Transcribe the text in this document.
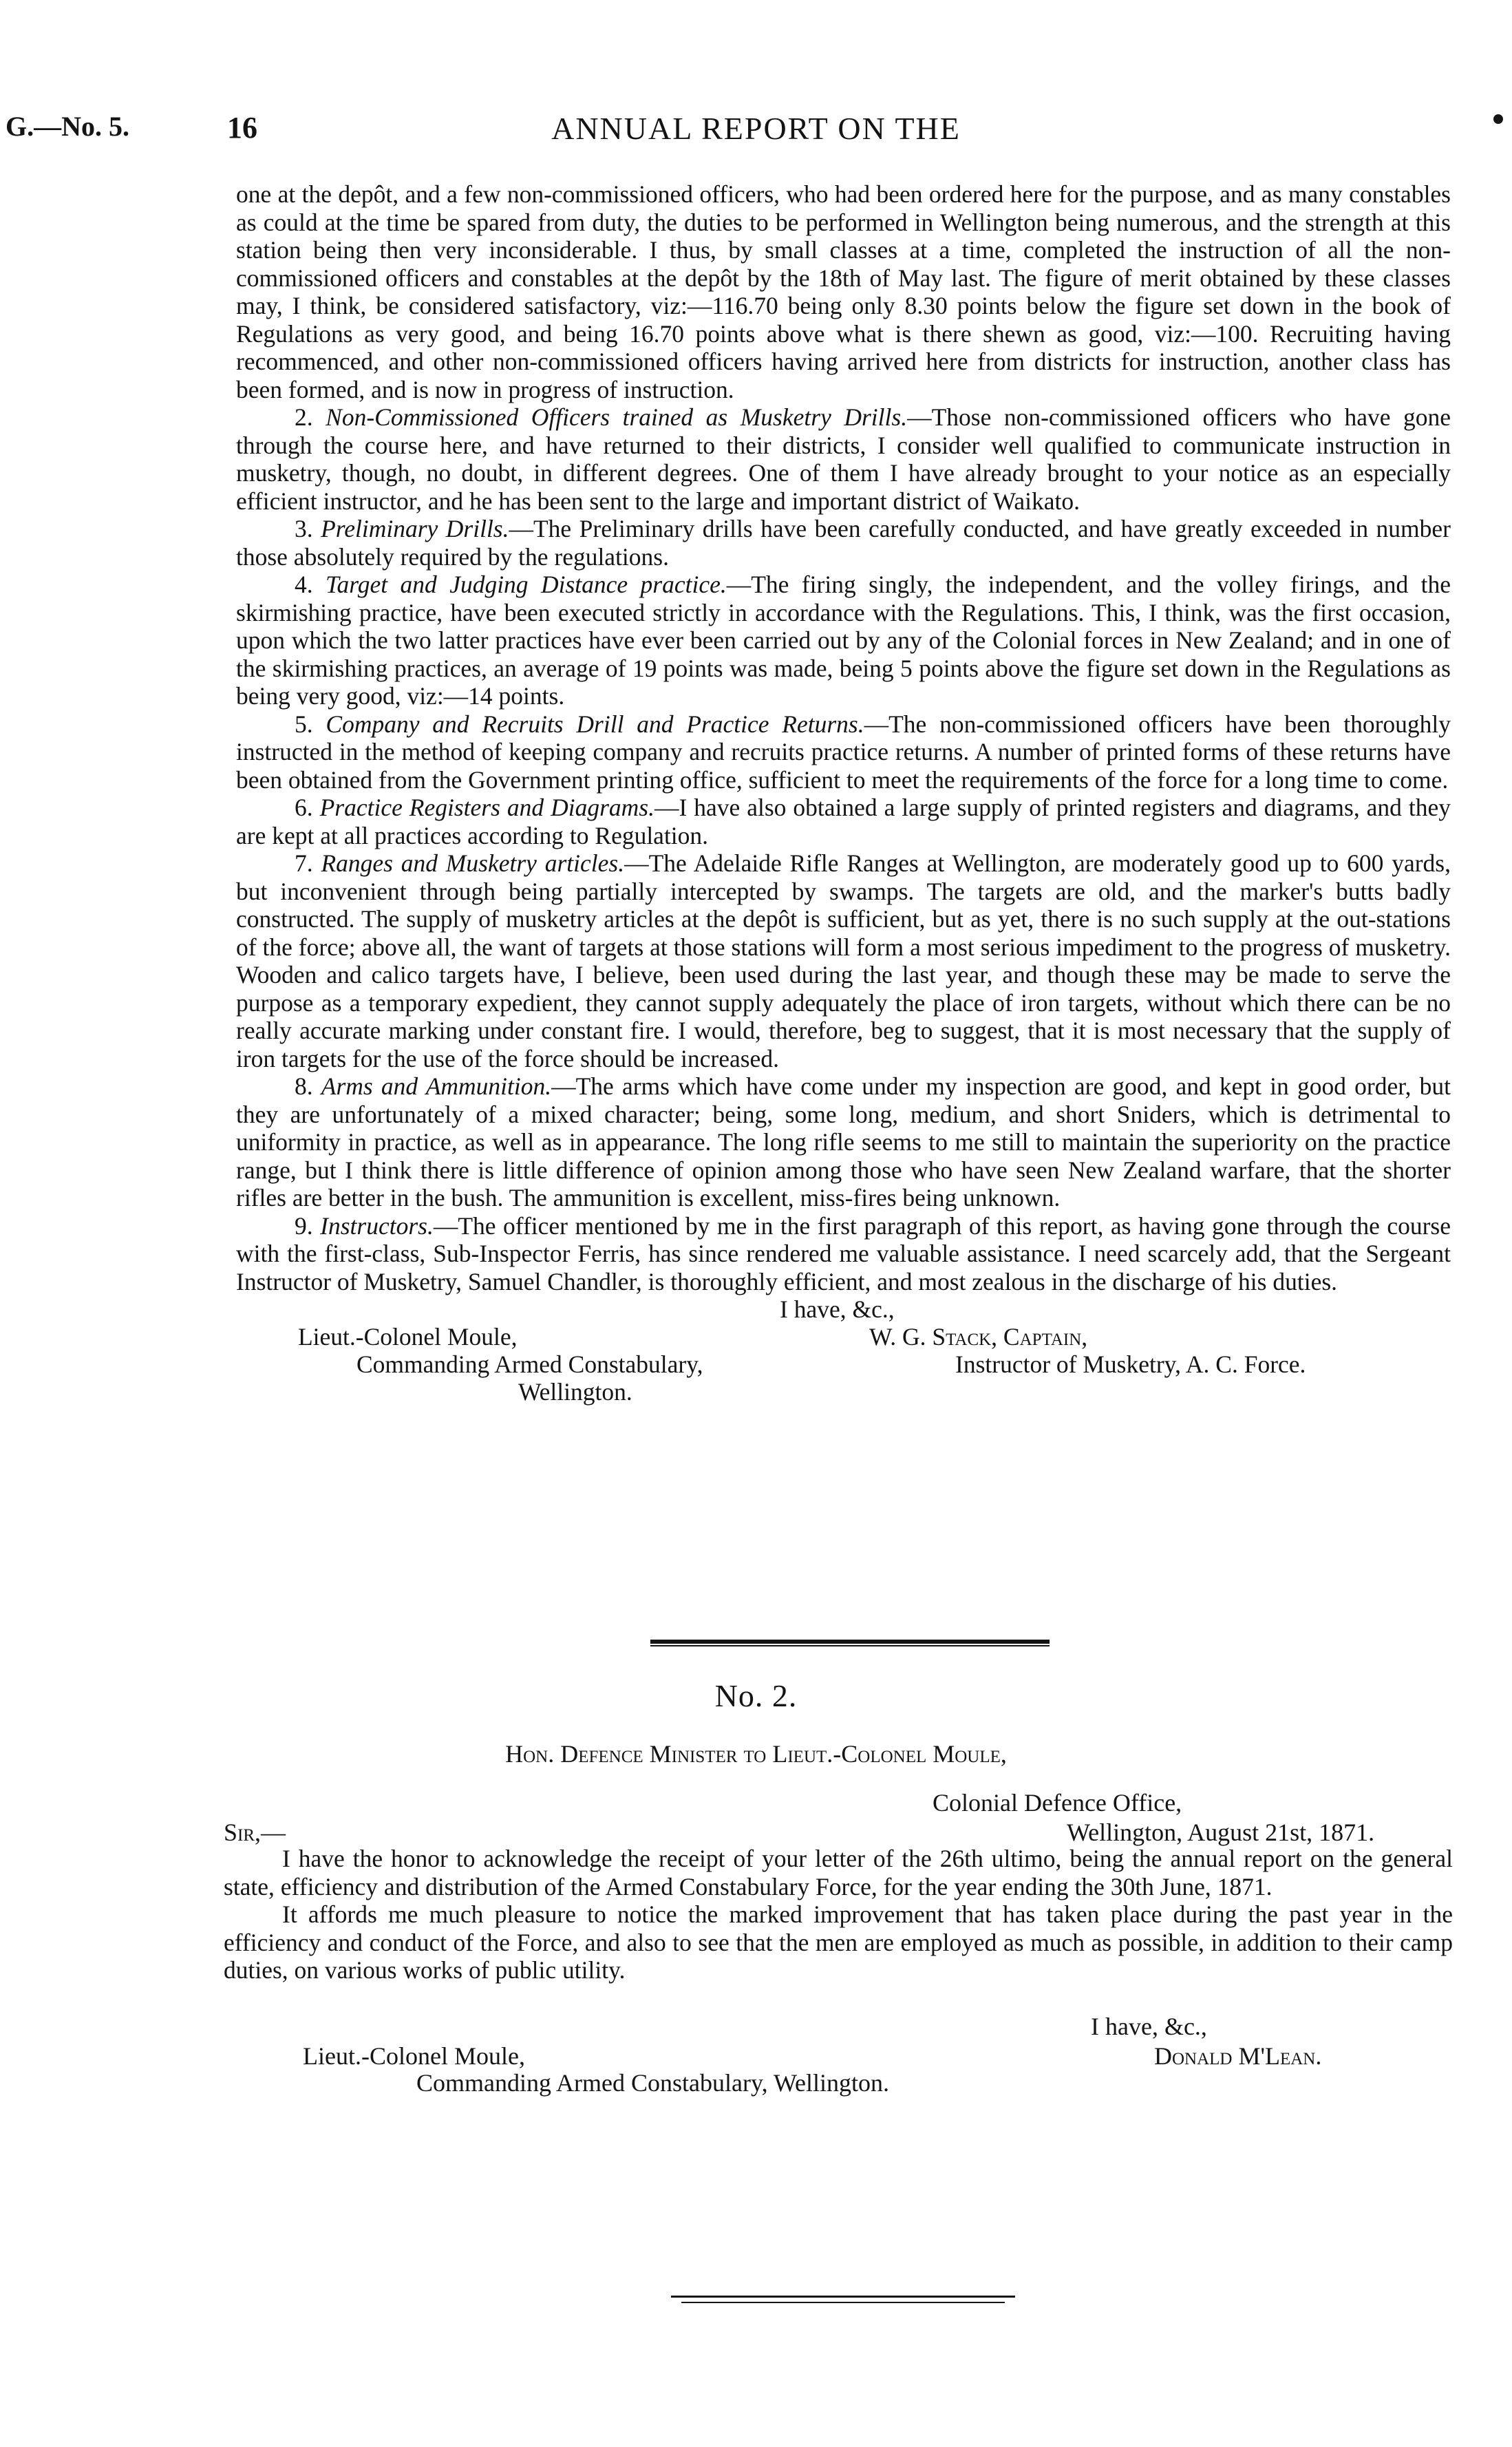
G.—No. 5.	16	ANNUAL REPORT ON THE

one at the depôt, and a few non-commissioned officers, who had been ordered here for the purpose, and as many constables as could at the time be spared from duty, the duties to be performed in Wellington being numerous, and the strength at this station being then very inconsiderable. I thus, by small classes at a time, completed the instruction of all the non-commissioned officers and constables at the depôt by the 18th of May last. The figure of merit obtained by these classes may, I think, be considered satisfactory, viz:—116.70 being only 8.30 points below the figure set down in the book of Regulations as very good, and being 16.70 points above what is there shewn as good, viz:—100. Recruiting having recommenced, and other non-commissioned officers having arrived here from districts for instruction, another class has been formed, and is now in progress of instruction.

2. Non-Commissioned Officers trained as Musketry Drills.—Those non-commissioned officers who have gone through the course here, and have returned to their districts, I consider well qualified to communicate instruction in musketry, though, no doubt, in different degrees. One of them I have already brought to your notice as an especially efficient instructor, and he has been sent to the large and important district of Waikato.

3. Preliminary Drills.—The Preliminary drills have been carefully conducted, and have greatly exceeded in number those absolutely required by the regulations.

4. Target and Judging Distance practice.—The firing singly, the independent, and the volley firings, and the skirmishing practice, have been executed strictly in accordance with the Regulations. This, I think, was the first occasion, upon which the two latter practices have ever been carried out by any of the Colonial forces in New Zealand; and in one of the skirmishing practices, an average of 19 points was made, being 5 points above the figure set down in the Regulations as being very good, viz:—14 points.

5. Company and Recruits Drill and Practice Returns.—The non-commissioned officers have been thoroughly instructed in the method of keeping company and recruits practice returns. A number of printed forms of these returns have been obtained from the Government printing office, sufficient to meet the requirements of the force for a long time to come.

6. Practice Registers and Diagrams.—I have also obtained a large supply of printed registers and diagrams, and they are kept at all practices according to Regulation.

7. Ranges and Musketry articles.—The Adelaide Rifle Ranges at Wellington, are moderately good up to 600 yards, but inconvenient through being partially intercepted by swamps. The targets are old, and the marker's butts badly constructed. The supply of musketry articles at the depôt is sufficient, but as yet, there is no such supply at the out-stations of the force; above all, the want of targets at those stations will form a most serious impediment to the progress of musketry. Wooden and calico targets have, I believe, been used during the last year, and though these may be made to serve the purpose as a temporary expedient, they cannot supply adequately the place of iron targets, without which there can be no really accurate marking under constant fire. I would, therefore, beg to suggest, that it is most necessary that the supply of iron targets for the use of the force should be increased.

8. Arms and Ammunition.—The arms which have come under my inspection are good, and kept in good order, but they are unfortunately of a mixed character; being, some long, medium, and short Sniders, which is detrimental to uniformity in practice, as well as in appearance. The long rifle seems to me still to maintain the superiority on the practice range, but I think there is little difference of opinion among those who have seen New Zealand warfare, that the shorter rifles are better in the bush. The ammunition is excellent, miss-fires being unknown.

9. Instructors.—The officer mentioned by me in the first paragraph of this report, as having gone through the course with the first-class, Sub-Inspector Ferris, has since rendered me valuable assistance. I need scarcely add, that the Sergeant Instructor of Musketry, Samuel Chandler, is thoroughly efficient, and most zealous in the discharge of his duties.

I have, &c.,
Lieut.-Colonel Moule,
Commanding Armed Constabulary,
Wellington.
W. G. Stack, Captain,
Instructor of Musketry, A. C. Force.
No. 2.
Hon. Defence Minister to Lieut.-Colonel Moule,
Colonial Defence Office,
Sir,—	Wellington, August 21st, 1871.

I have the honor to acknowledge the receipt of your letter of the 26th ultimo, being the annual report on the general state, efficiency and distribution of the Armed Constabulary Force, for the year ending the 30th June, 1871.

It affords me much pleasure to notice the marked improvement that has taken place during the past year in the efficiency and conduct of the Force, and also to see that the men are employed as much as possible, in addition to their camp duties, on various works of public utility.

I have, &c.,
Lieut.-Colonel Moule,	Donald M'Lean.
Commanding Armed Constabulary, Wellington.
